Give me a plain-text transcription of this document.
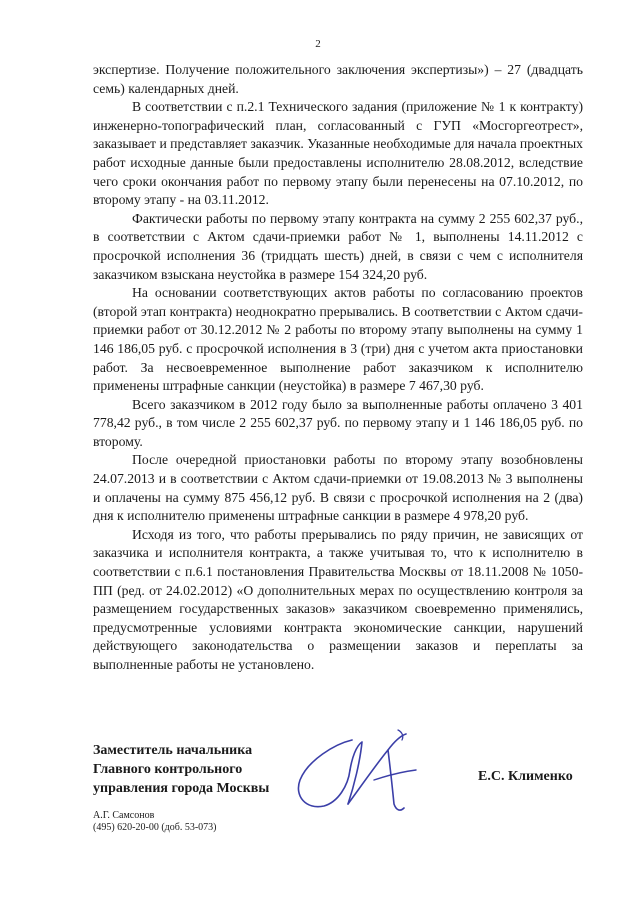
2

экспертизе. Получение положительного заключения экспертизы») – 27 (двадцать семь) календарных дней.

В соответствии с п.2.1 Технического задания (приложение № 1 к контракту) инженерно-топографический план, согласованный с ГУП «Мосгоргеотрест», заказывает и представляет заказчик. Указанные необходимые для начала проектных работ исходные данные были предоставлены исполнителю 28.08.2012, вследствие чего сроки окончания работ по первому этапу были перенесены на 07.10.2012, по второму этапу - на 03.11.2012.

Фактически работы по первому этапу контракта на сумму 2 255 602,37 руб., в соответствии с Актом сдачи-приемки работ № 1, выполнены 14.11.2012 с просрочкой исполнения 36 (тридцать шесть) дней, в связи с чем с исполнителя заказчиком взыскана неустойка в размере 154 324,20 руб.

На основании соответствующих актов работы по согласованию проектов (второй этап контракта) неоднократно прерывались. В соответствии с Актом сдачи-приемки работ от 30.12.2012 № 2 работы по второму этапу выполнены на сумму 1 146 186,05 руб. с просрочкой исполнения в 3 (три) дня с учетом акта приостановки работ. За несвоевременное выполнение работ заказчиком к исполнителю применены штрафные санкции (неустойка) в размере 7 467,30 руб.

Всего заказчиком в 2012 году было за выполненные работы оплачено 3 401 778,42 руб., в том числе 2 255 602,37 руб. по первому этапу и 1 146 186,05 руб. по второму.

После очередной приостановки работы по второму этапу возобновлены 24.07.2013 и в соответствии с Актом сдачи-приемки от 19.08.2013 № 3 выполнены и оплачены на сумму 875 456,12 руб. В связи с просрочкой исполнения на 2 (два) дня к исполнителю применены штрафные санкции в размере 4 978,20 руб.

Исходя из того, что работы прерывались по ряду причин, не зависящих от заказчика и исполнителя контракта, а также учитывая то, что к исполнителю в соответствии с п.6.1 постановления Правительства Москвы от 18.11.2008 № 1050-ПП (ред. от 24.02.2012) «О дополнительных мерах по осуществлению контроля за размещением государственных заказов» заказчиком своевременно применялись, предусмотренные условиями контракта экономические санкции, нарушений действующего законодательства о размещении заказов и переплаты за выполненные работы не установлено.

Заместитель начальника
Главного контрольного
управления города Москвы
Е.С. Клименко
А.Г. Самсонов
(495) 620-20-00 (доб. 53-073)
